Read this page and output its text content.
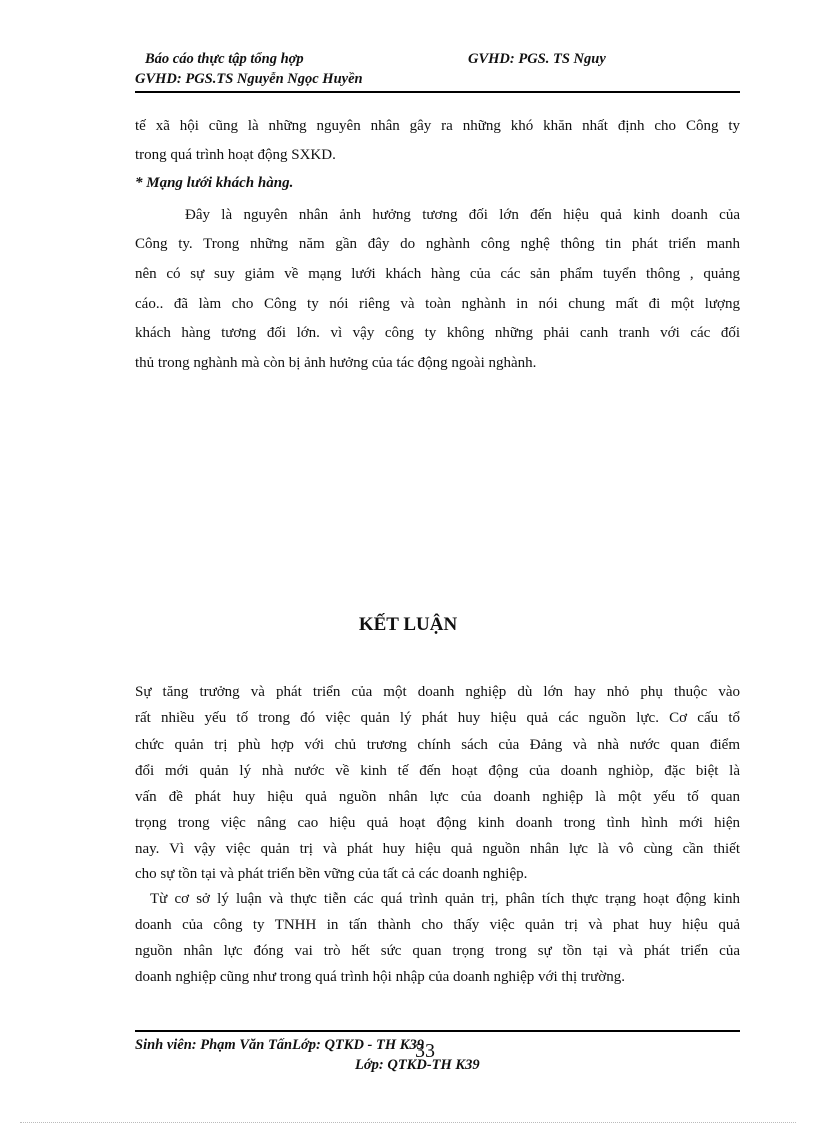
Báo cáo thực tập tổng hợp	GVHD: PGS. TS Nguy
GVHD: PGS.TS Nguyễn Ngọc Huyền
tế xã hội cũng là những nguyên nhân gây ra những khó khăn nhất định cho Công ty
trong quá trình hoạt động SXKD.
* Mạng lưới khách hàng.
Đây là nguyên nhân ảnh hưởng tương đối lớn đến hiệu quả kinh doanh của
Công ty. Trong những năm gần đây do nghành công nghệ thông tin phát triển manh
nên có sự suy giảm về mạng lưới khách hàng của các sản phẩm tuyển thông , quảng
cáo.. đã làm cho Công ty nói riêng và toàn nghành in nói chung mất đi một lượng
khách hàng tương đối lớn. vì vậy công ty không những phải canh tranh với các đối
thủ trong nghành mà còn bị ảnh hưởng của tác động ngoài nghành.
KẾT LUẬN
Sự tăng trưởng và phát triển của một doanh nghiệp dù lớn hay nhỏ phụ thuộc vào
rất nhiều yếu tố trong đó việc quản lý phát huy hiệu quả các nguồn lực. Cơ cấu tổ
chức quản trị phù hợp với chủ trương chính sách của Đảng và nhà nước quan điểm
đổi mới quản lý nhà nước về kinh tế đến hoạt động của doanh nghiòp, đặc biệt là
vấn đề phát huy hiệu quả nguồn nhân lực của doanh nghiệp là một yếu tố quan
trọng trong việc nâng cao hiệu quả hoạt động kinh doanh trong tình hình mới hiện
nay. Vì vậy việc quản trị và phát huy hiệu quả nguồn nhân lực là vô cùng cần thiết
cho sự tồn tại và phát triển bền vững của tất cả các doanh nghiệp.
Từ cơ sở lý luận và thực tiễn các quá trình quản trị, phân tích thực trạng hoạt động kinh
doanh của công ty TNHH in tấn thành cho thấy việc quản trị và phat huy hiệu quả
nguồn nhân lực đóng vai trò hết sức quan trọng trong sự tồn tại và phát triển của
doanh nghiệp cũng như trong quá trình hội nhập của doanh nghiệp với thị trường.
33
Sinh viên: Phạm Văn TấnLớp: QTKD - TH K39
Lớp: QTKD-TH K39
